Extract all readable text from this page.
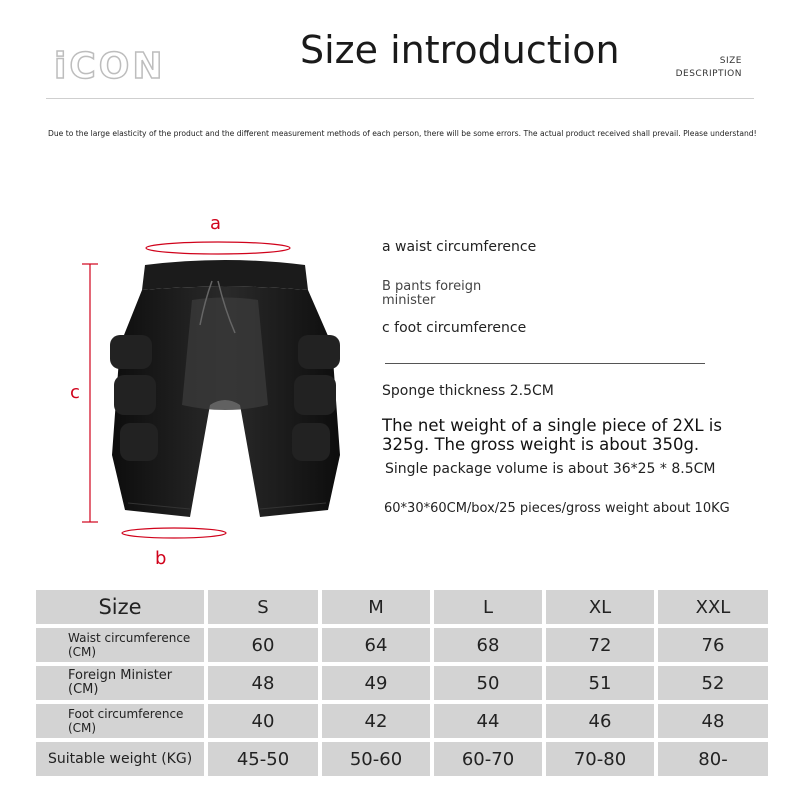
iCON	Size introduction	SIZE
DESCRIPTION
Due to the large elasticity of the product and the different measurement methods of each person, there will be some errors. The actual product received shall prevail. Please understand!
a
c
b
a waist circumference
B pants foreign
minister
c foot circumference
Sponge thickness 2.5CM
The net weight of a single piece of 2XL is
325g. The gross weight is about 350g.
Single package volume is about 36*25 * 8.5CM
60*30*60CM/box/25 pieces/gross weight about 10KG
Size	S	M	L	XL	XXL
Waist circumference
(CM)	60	64	68	72	76
Foreign Minister
(CM)	48	49	50	51	52
Foot circumference
(CM)	40	42	44	46	48
Suitable weight (KG)	45-50	50-60	60-70	70-80	80-
